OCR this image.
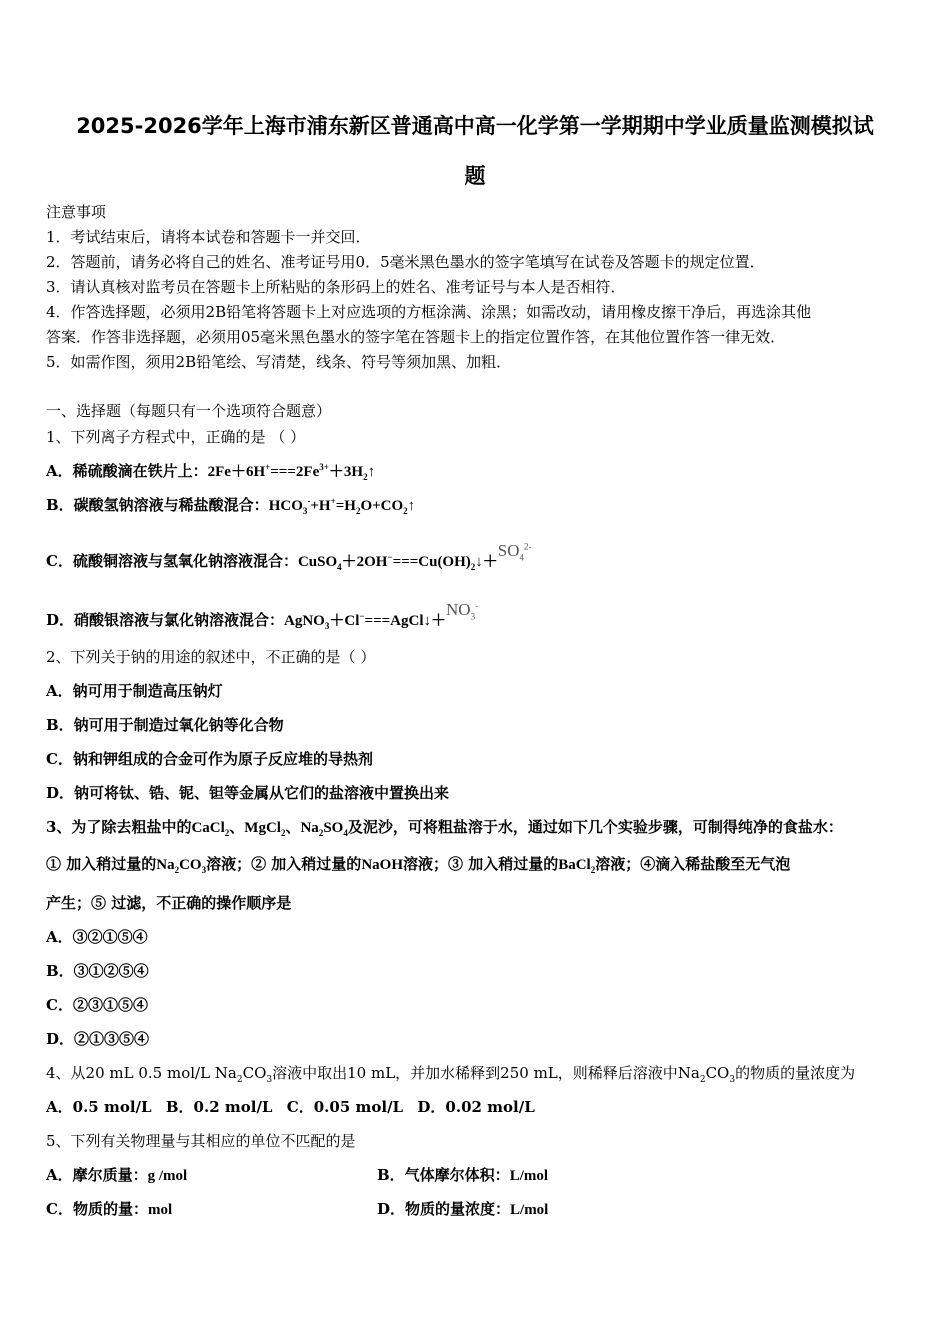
2025-2026学年上海市浦东新区普通高中高一化学第一学期期中学业质量监测模拟试
题
注意事项
1．考试结束后，请将本试卷和答题卡一并交回．
2．答题前，请务必将自己的姓名、准考证号用0．5毫米黑色墨水的签字笔填写在试卷及答题卡的规定位置．
3．请认真核对监考员在答题卡上所粘贴的条形码上的姓名、准考证号与本人是否相符．
4．作答选择题，必须用2B铅笔将答题卡上对应选项的方框涂满、涂黑；如需改动，请用橡皮擦干净后，再选涂其他
答案．作答非选择题，必须用05毫米黑色墨水的签字笔在答题卡上的指定位置作答，在其他位置作答一律无效．
5．如需作图，须用2B铅笔绘、写清楚，线条、符号等须加黑、加粗．
一、选择题（每题只有一个选项符合题意）
1、下列离子方程式中，正确的是 （ ）
A．稀硫酸滴在铁片上：$2Fe+6H^+===2Fe^{3+}+3H_2↑$
B．碳酸氢钠溶液与稀盐酸混合：$HCO_3^-+H^+=H_2O+CO_2↑$
C．硫酸铜溶液与氢氧化钠溶液混合：$CuSO_4+2OH^-===Cu(OH)_2↓+SO_4^{2-}$
D．硝酸银溶液与氯化钠溶液混合：$AgNO_3+Cl^-===AgCl↓+NO_3^-$
2、下列关于钠的用途的叙述中，不正确的是（ ）
A．钠可用于制造高压钠灯
B．钠可用于制造过氧化钠等化合物
C．钠和钾组成的合金可作为原子反应堆的导热剂
D．钠可将钛、锆、铌、钽等金属从它们的盐溶液中置换出来
3、为了除去粗盐中的CaCl$_2$、MgCl$_2$、$Na_2SO_4$及泥沙，可将粗盐溶于水，通过如下几个实验步骤，可制得纯净的食盐水：
① 加入稍过量的$Na_2CO_3$溶液；② 加入稍过量的NaOH溶液；③ 加入稍过量的BaCl$_2$溶液；④滴入稀盐酸至无气泡
产生；⑤ 过滤，不正确的操作顺序是
A．③②①⑤④
B．③①②⑤④
C．②③①⑤④
D．②①③⑤④
4、从20 mL 0.5 mol/L $Na_2CO_3$溶液中取出10 mL，并加水稀释到250 mL，则稀释后溶液中$Na_2CO_3$的物质的量浓度为
A．0.5 mol/L B．0.2 mol/L C．0.05 mol/L D．0.02 mol/L
5、下列有关物理量与其相应的单位不匹配的是
A．摩尔质量：g /mol	B．气体摩尔体积：L/mol
C．物质的量：mol	D．物质的量浓度：L/mol
